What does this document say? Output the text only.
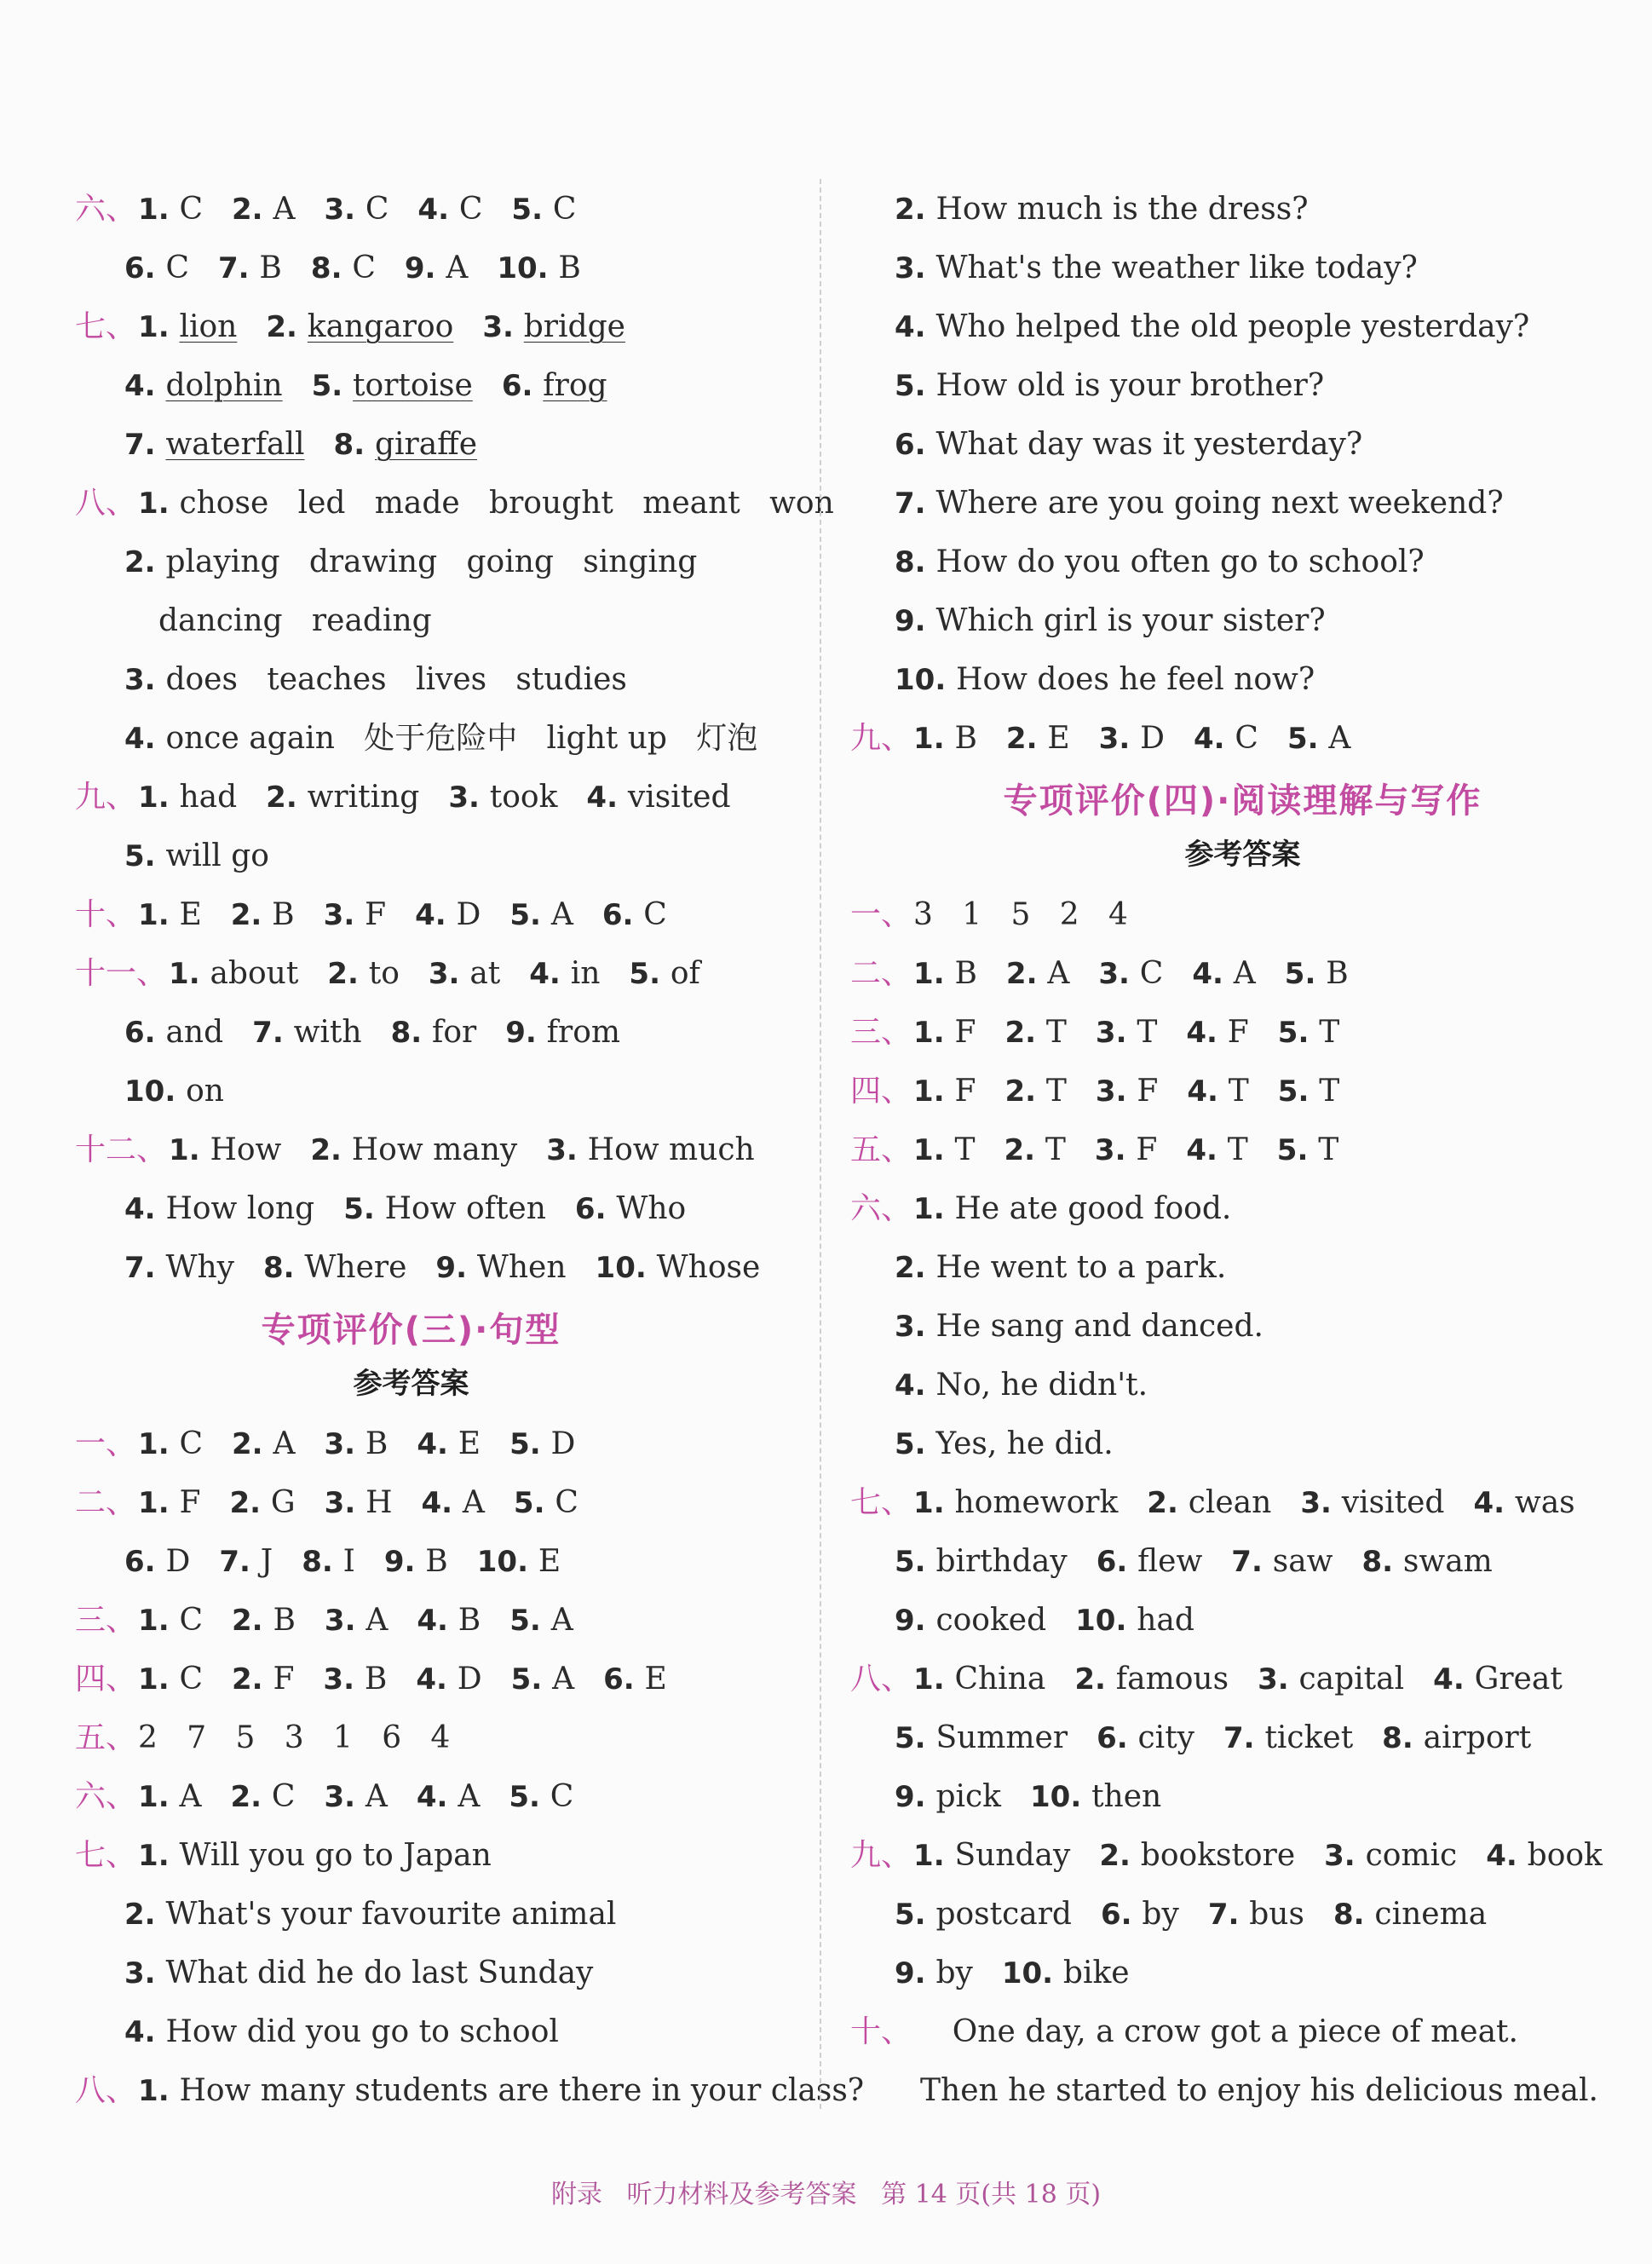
六、1 . C 2 . A 3 . C 4 . C 5 . C
6 . C 7 . B 8 . C 9 . A 10 . B
七、1 . lion 2 . kangaroo 3 . bridge
4 . dolphin 5 . tortoise 6 . frog
7 . waterfall 8 . giraffe
八、1 . chose   led   made   brought   meant   won
2 . playing   drawing   going   singing
dancing   reading
3 . does   teaches   lives   studies
4 . once again   处于危险中   light up   灯泡
九、1 . had 2 . writing 3 . took 4 . visited
5 . will go
十、1 . E 2 . B 3 . F 4 . D 5 . A 6 . C
十一、1 . about 2 . to 3 . at 4 . in 5 . of
6 . and 7 . with 8 . for 9 . from
10 . on
十二、1 . How 2 . How many 3 . How much
4 . How long 5 . How often 6 . Who
7 . Why 8 . Where 9 . When 10 . Whose
专项评价(三)·句型
参考答案
一、1 . C 2 . A 3 . B 4 . E 5 . D
二、1 . F 2 . G 3 . H 4 . A 5 . C
6 . D 7 . J 8 . I 9 . B 10 . E
三、1 . C 2 . B 3 . A 4 . B 5 . A
四、1 . C 2 . F 3 . B 4 . D 5 . A 6 . E
五、2   7   5   3   1   6   4
六、1 . A 2 . C 3 . A 4 . A 5 . C
七、1 . Will you go to Japan
2 . What's your favourite animal
3 . What did he do last Sunday
4 . How did you go to school
八、1 . How many students are there in your class?
2 . How much is the dress?
3 . What's the weather like today?
4 . Who helped the old people yesterday?
5 . How old is your brother?
6 . What day was it yesterday?
7 . Where are you going next weekend?
8 . How do you often go to school?
9 . Which girl is your sister?
10 . How does he feel now?
九、1 . B 2 . E 3 . D 4 . C 5 . A
专项评价(四)·阅读理解与写作
参考答案
一、3   1   5   2   4
二、1 . B 2 . A 3 . C 4 . A 5 . B
三、1 . F 2 . T 3 . T 4 . F 5 . T
四、1 . F 2 . T 3 . F 4 . T 5 . T
五、1 . T 2 . T 3 . F 4 . T 5 . T
六、1 . He ate good food.
2 . He went to a park.
3 . He sang and danced.
4 . No, he didn't.
5 . Yes, he did.
七、1 . homework 2 . clean 3 . visited 4 . was
5 . birthday 6 . flew 7 . saw 8 . swam
9 . cooked 10 . had
八、1 . China 2 . famous 3 . capital 4 . Great
5 . Summer 6 . city 7 . ticket 8 . airport
9 . pick 10 . then
九、1 . Sunday 2 . bookstore 3 . comic 4 . book
5 . postcard 6 . by 7 . bus 8 . cinema
9 . by 10 . bike
十、    One day, a crow got a piece of meat.
Then he started to enjoy his delicious meal.
附录   听力材料及参考答案   第 14 页(共 18 页)
